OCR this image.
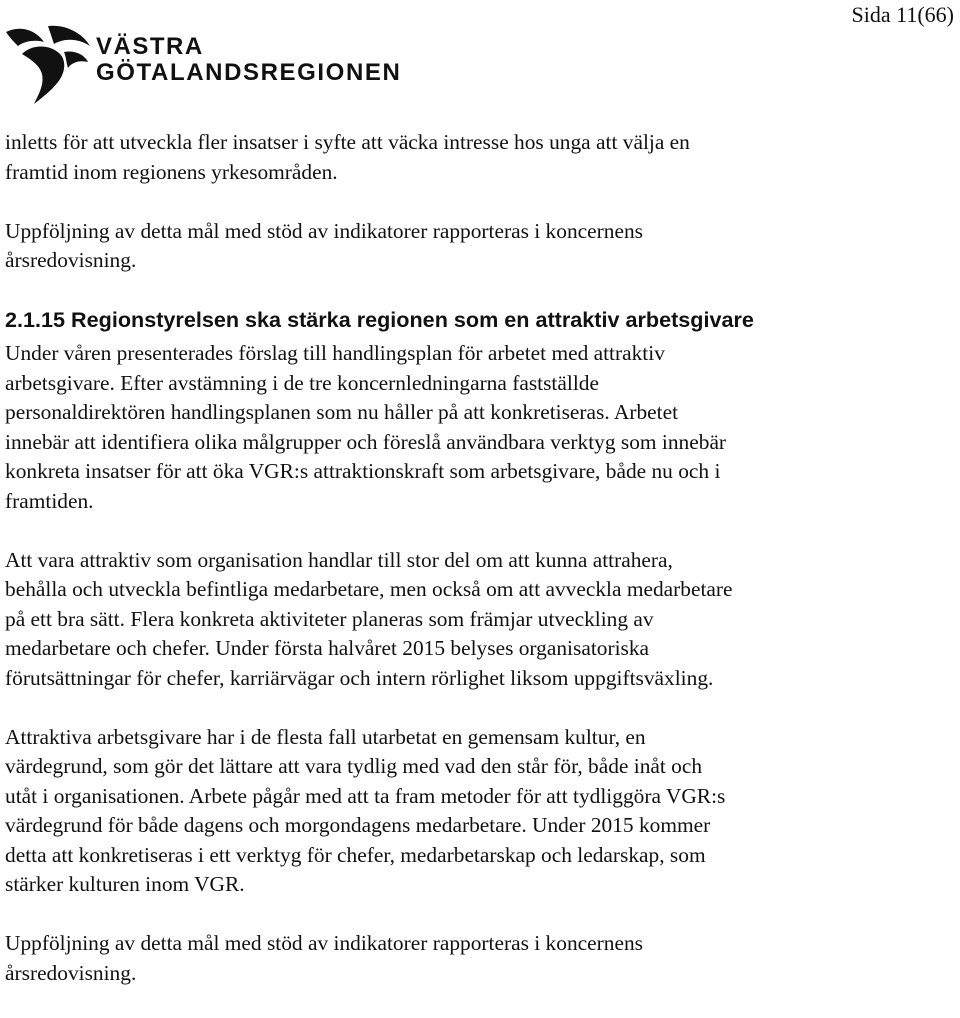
Sida 11(66)
VÄSTRA
GÖTALANDSREGIONEN

inletts för att utveckla fler insatser i syfte att väcka intresse hos unga att välja en
framtid inom regionens yrkesområden.

Uppföljning av detta mål med stöd av indikatorer rapporteras i koncernens
årsredovisning.

2.1.15 Regionstyrelsen ska stärka regionen som en attraktiv arbetsgivare

Under våren presenterades förslag till handlingsplan för arbetet med attraktiv
arbetsgivare. Efter avstämning i de tre koncernledningarna fastställde
personaldirektören handlingsplanen som nu håller på att konkretiseras. Arbetet
innebär att identifiera olika målgrupper och föreslå användbara verktyg som innebär
konkreta insatser för att öka VGR:s attraktionskraft som arbetsgivare, både nu och i
framtiden.

Att vara attraktiv som organisation handlar till stor del om att kunna attrahera,
behålla och utveckla befintliga medarbetare, men också om att avveckla medarbetare
på ett bra sätt. Flera konkreta aktiviteter planeras som främjar utveckling av
medarbetare och chefer. Under första halvåret 2015 belyses organisatoriska
förutsättningar för chefer, karriärvägar och intern rörlighet liksom uppgiftsväxling.

Attraktiva arbetsgivare har i de flesta fall utarbetat en gemensam kultur, en
värdegrund, som gör det lättare att vara tydlig med vad den står för, både inåt och
utåt i organisationen. Arbete pågår med att ta fram metoder för att tydliggöra VGR:s
värdegrund för både dagens och morgondagens medarbetare. Under 2015 kommer
detta att konkretiseras i ett verktyg för chefer, medarbetarskap och ledarskap, som
stärker kulturen inom VGR.

Uppföljning av detta mål med stöd av indikatorer rapporteras i koncernens
årsredovisning.
